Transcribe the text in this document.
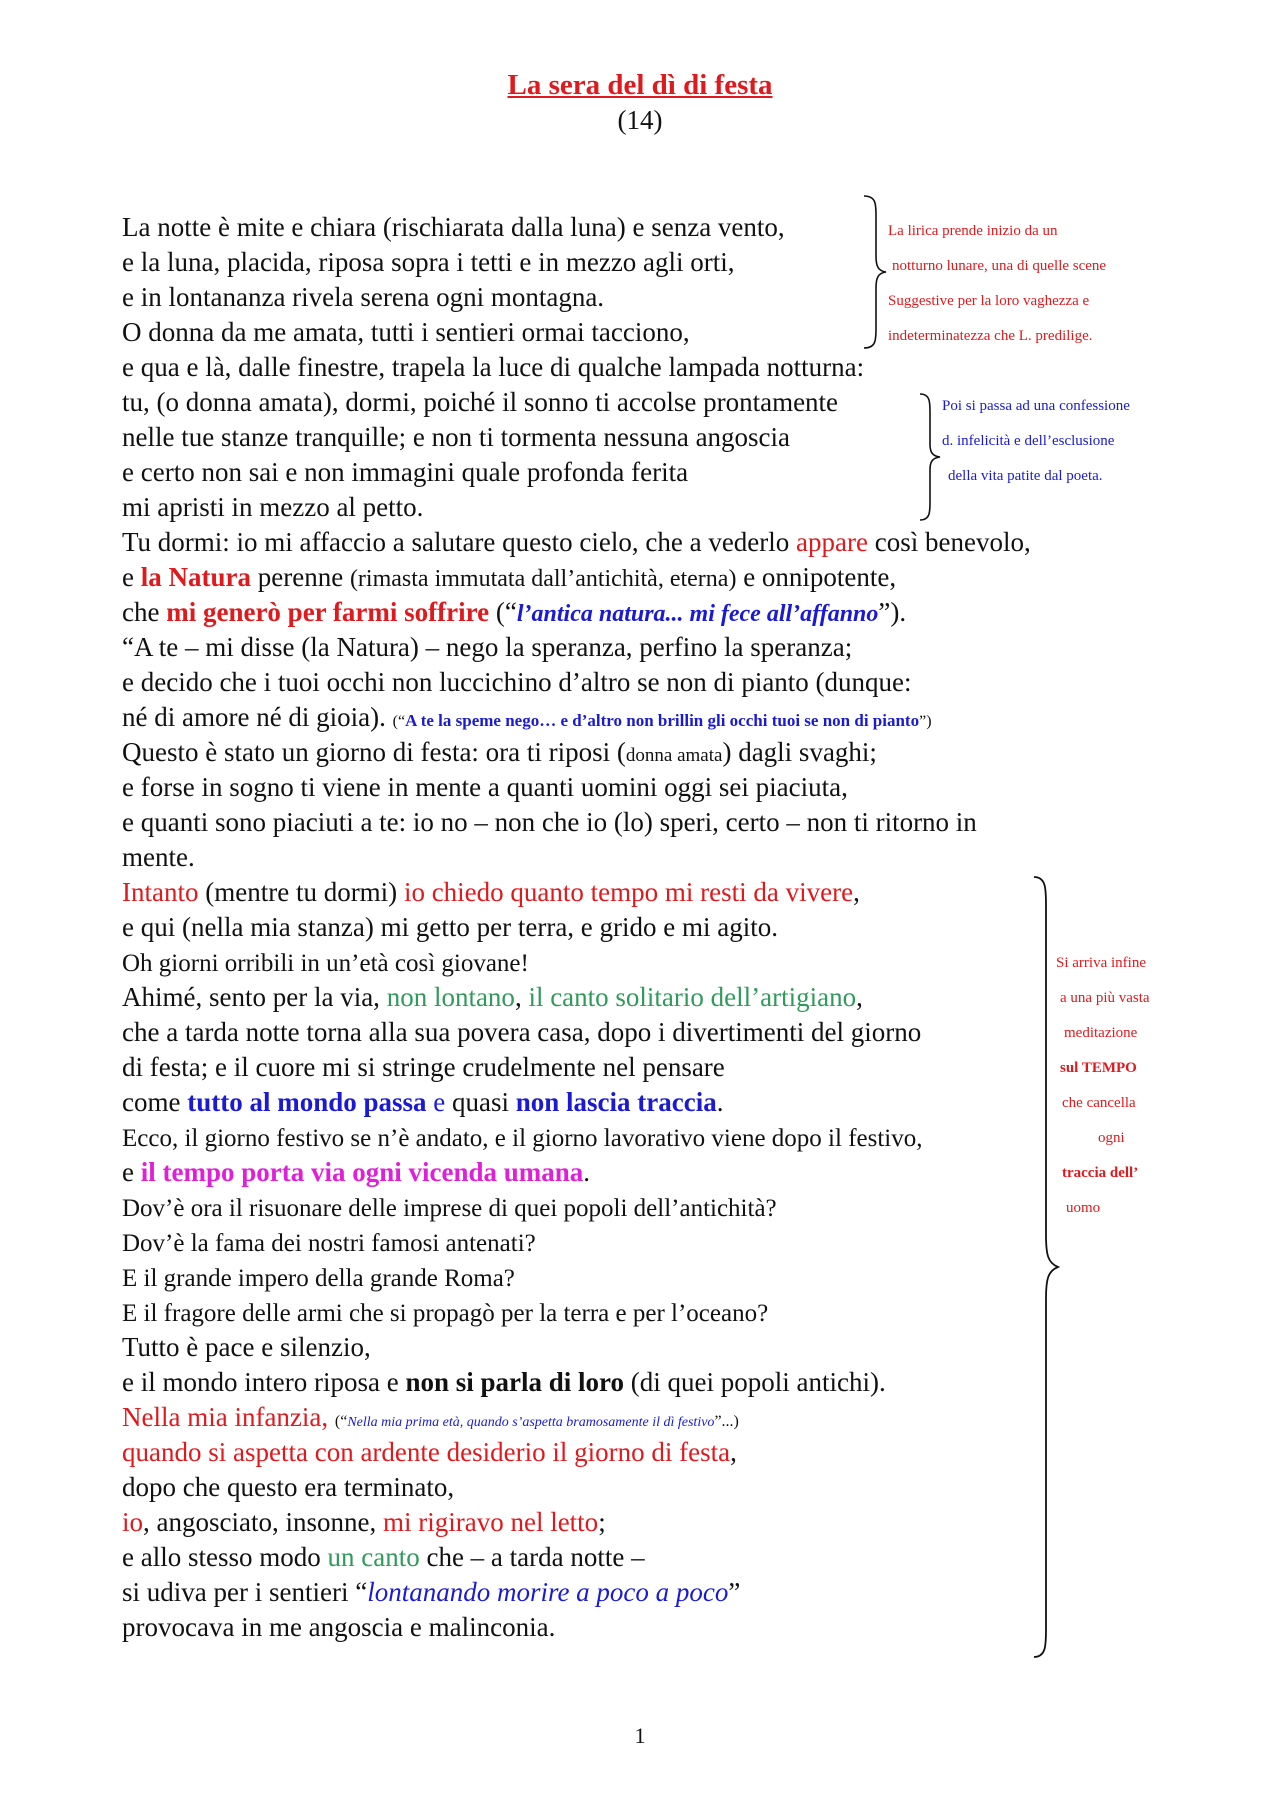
La sera del dì di festa
(14)
La notte è mite e chiara (rischiarata dalla luna) e senza vento,
e la luna, placida, riposa sopra i tetti e in mezzo agli orti,
e in lontananza rivela serena ogni montagna.
O donna da me amata, tutti i sentieri ormai tacciono,
e qua e là, dalle finestre, trapela la luce di qualche lampada notturna:
tu, (o donna amata), dormi, poiché il sonno ti accolse prontamente
nelle tue stanze tranquille; e non ti tormenta nessuna angoscia
e certo non sai e non immagini quale profonda ferita
mi apristi in mezzo al petto.
Tu dormi: io mi affaccio a salutare questo cielo, che a vederlo appare così benevolo,
e la Natura perenne (rimasta immutata dall’antichità, eterna) e onnipotente,
che mi generò per farmi soffrire (“l’antica natura... mi fece all’affanno”).
“A te – mi disse (la Natura) – nego la speranza, perfino la speranza;
e decido che i tuoi occhi non luccichino d’altro se non di pianto (dunque:
né di amore né di gioia). (“A te la speme nego… e d’altro non brillin gli occhi tuoi se non di pianto”)
Questo è stato un giorno di festa: ora ti riposi (donna amata) dagli svaghi;
e forse in sogno ti viene in mente a quanti uomini oggi sei piaciuta,
e quanti sono piaciuti a te: io no – non che io (lo) speri, certo – non ti ritorno in
mente.
Intanto (mentre tu dormi) io chiedo quanto tempo mi resti da vivere,
e qui (nella mia stanza) mi getto per terra, e grido e mi agito.
Oh giorni orribili in un’età così giovane!
Ahimé, sento per la via, non lontano, il canto solitario dell’artigiano,
che a tarda notte torna alla sua povera casa, dopo i divertimenti del giorno
di festa; e il cuore mi si stringe crudelmente nel pensare
come tutto al mondo passa e quasi non lascia traccia.
Ecco, il giorno festivo se n’è andato, e il giorno lavorativo viene dopo il festivo,
e il tempo porta via ogni vicenda umana.
Dov’è ora il risuonare delle imprese di quei popoli dell’antichità?
Dov’è la fama dei nostri famosi antenati?
E il grande impero della grande Roma?
E il fragore delle armi che si propagò per la terra e per l’oceano?
Tutto è pace e silenzio,
e il mondo intero riposa e non si parla di loro (di quei popoli antichi).
Nella mia infanzia, (“Nella mia prima età, quando s’aspetta bramosamente il dì festivo”...)
quando si aspetta con ardente desiderio il giorno di festa,
dopo che questo era terminato,
io, angosciato, insonne, mi rigiravo nel letto;
e allo stesso modo un canto che – a tarda notte –
si udiva per i sentieri “lontanando morire a poco a poco”
provocava in me angoscia e malinconia.
La lirica prende inizio da un
notturno lunare, una di quelle scene
Suggestive per la loro vaghezza e
indeterminatezza che L. predilige.
Poi si passa ad una confessione
d. infelicità e dell’esclusione
della vita patite dal poeta.
Si arriva infine
a una più vasta
meditazione
sul TEMPO
che cancella
ogni
traccia dell’
uomo
1
